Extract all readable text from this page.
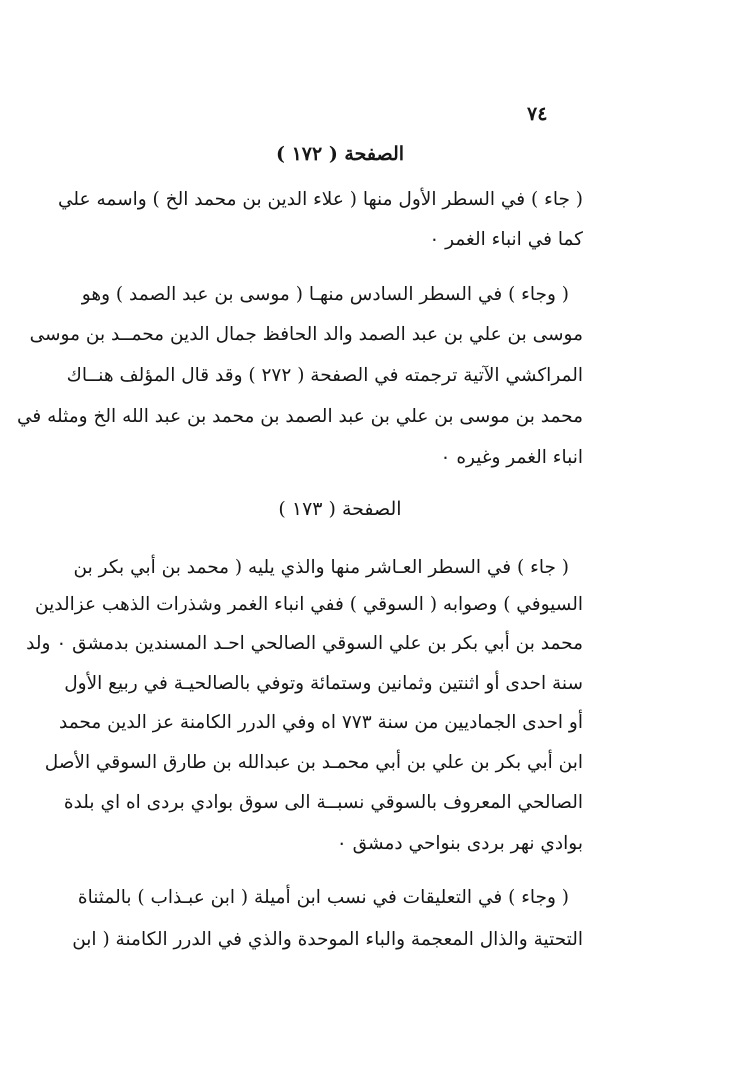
٧٤
الصفحة ( ١٧٢ )
( جاء ) في السطر الأول منها ( علاء الدين بن محمد الخ ) واسمه علي
كما في انباء الغمر ٠
( وجاء ) في السطر السادس منهـا ( موسى بن عبد الصمد ) وهو
موسى بن علي بن عبد الصمد والد الحافظ جمال الدين محمــد بن موسى
المراكشي الآتية ترجمته في الصفحة ( ٢٧٢ ) وقد قال المؤلف هنــاك
محمد بن موسى بن علي بن عبد الصمد بن محمد بن عبد الله الخ ومثله في
انباء الغمر وغيره ٠
الصفحة ( ١٧٣ )
( جاء ) في السطر العـاشر منها والذي يليه ( محمد بن أبي بكر بن
السيوفي ) وصوابه ( السوقي ) ففي انباء الغمر وشذرات الذهب عزالدين
محمد بن أبي بكر بن علي السوقي الصالحي احـد المسندين بدمشق ٠ ولد
سنة احدى أو اثنتين وثمانين وستمائة وتوفي بالصالحيـة في ربيع الأول
أو احدى الجماديين من سنة ٧٧٣ اه وفي الدرر الكامنة عز الدين محمد
ابن أبي بكر بن علي بن أبي محمـد بن عبدالله بن طارق السوقي الأصل
الصالحي المعروف بالسوقي نسبــة الى سوق بوادي بردى اه اي بلدة
بوادي نهر بردى بنواحي دمشق ٠
( وجاء ) في التعليقات في نسب ابن أميلة ( ابن عبـذاب ) بالمثناة
التحتية والذال المعجمة والباء الموحدة والذي في الدرر الكامنة ( ابن
